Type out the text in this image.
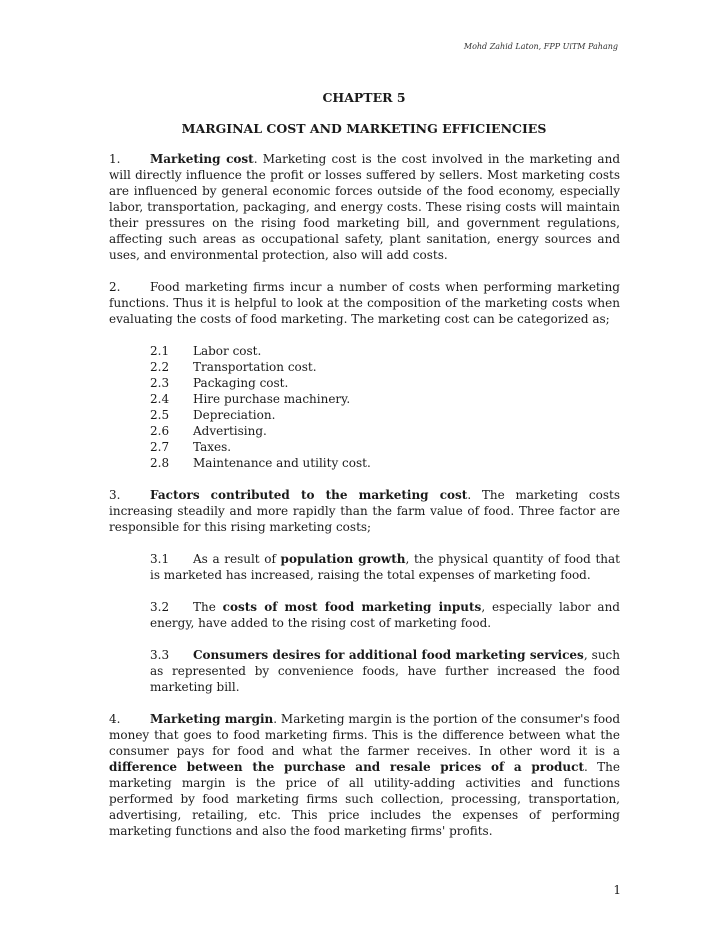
Mohd Zahid Laton, FPP UiTM Pahang
CHAPTER 5
MARGINAL COST AND MARKETING EFFICIENCIES

1. Marketing cost. Marketing cost is the cost involved in the marketing and will directly influence the profit or losses suffered by sellers. Most marketing costs are influenced by general economic forces outside of the food economy, especially labor, transportation, packaging, and energy costs. These rising costs will maintain their pressures on the rising food marketing bill, and government regulations, affecting such areas as occupational safety, plant sanitation, energy sources and uses, and environmental protection, also will add costs.

2. Food marketing firms incur a number of costs when performing marketing functions. Thus it is helpful to look at the composition of the marketing costs when evaluating the costs of food marketing. The marketing cost can be categorized as;

2.1 Labor cost.
2.2 Transportation cost.
2.3 Packaging cost.
2.4 Hire purchase machinery.
2.5 Depreciation.
2.6 Advertising.
2.7 Taxes.
2.8 Maintenance and utility cost.

3. Factors contributed to the marketing cost. The marketing costs increasing steadily and more rapidly than the farm value of food. Three factor are responsible for this rising marketing costs;

3.1 As a result of population growth, the physical quantity of food that is marketed has increased, raising the total expenses of marketing food.

3.2 The costs of most food marketing inputs, especially labor and energy, have added to the rising cost of marketing food.

3.3 Consumers desires for additional food marketing services, such as represented by convenience foods, have further increased the food marketing bill.

4. Marketing margin. Marketing margin is the portion of the consumer's food money that goes to food marketing firms. This is the difference between what the consumer pays for food and what the farmer receives. In other word it is a difference between the purchase and resale prices of a product. The marketing margin is the price of all utility-adding activities and functions performed by food marketing firms such collection, processing, transportation, advertising, retailing, etc. This price includes the expenses of performing marketing functions and also the food marketing firms' profits.

1
